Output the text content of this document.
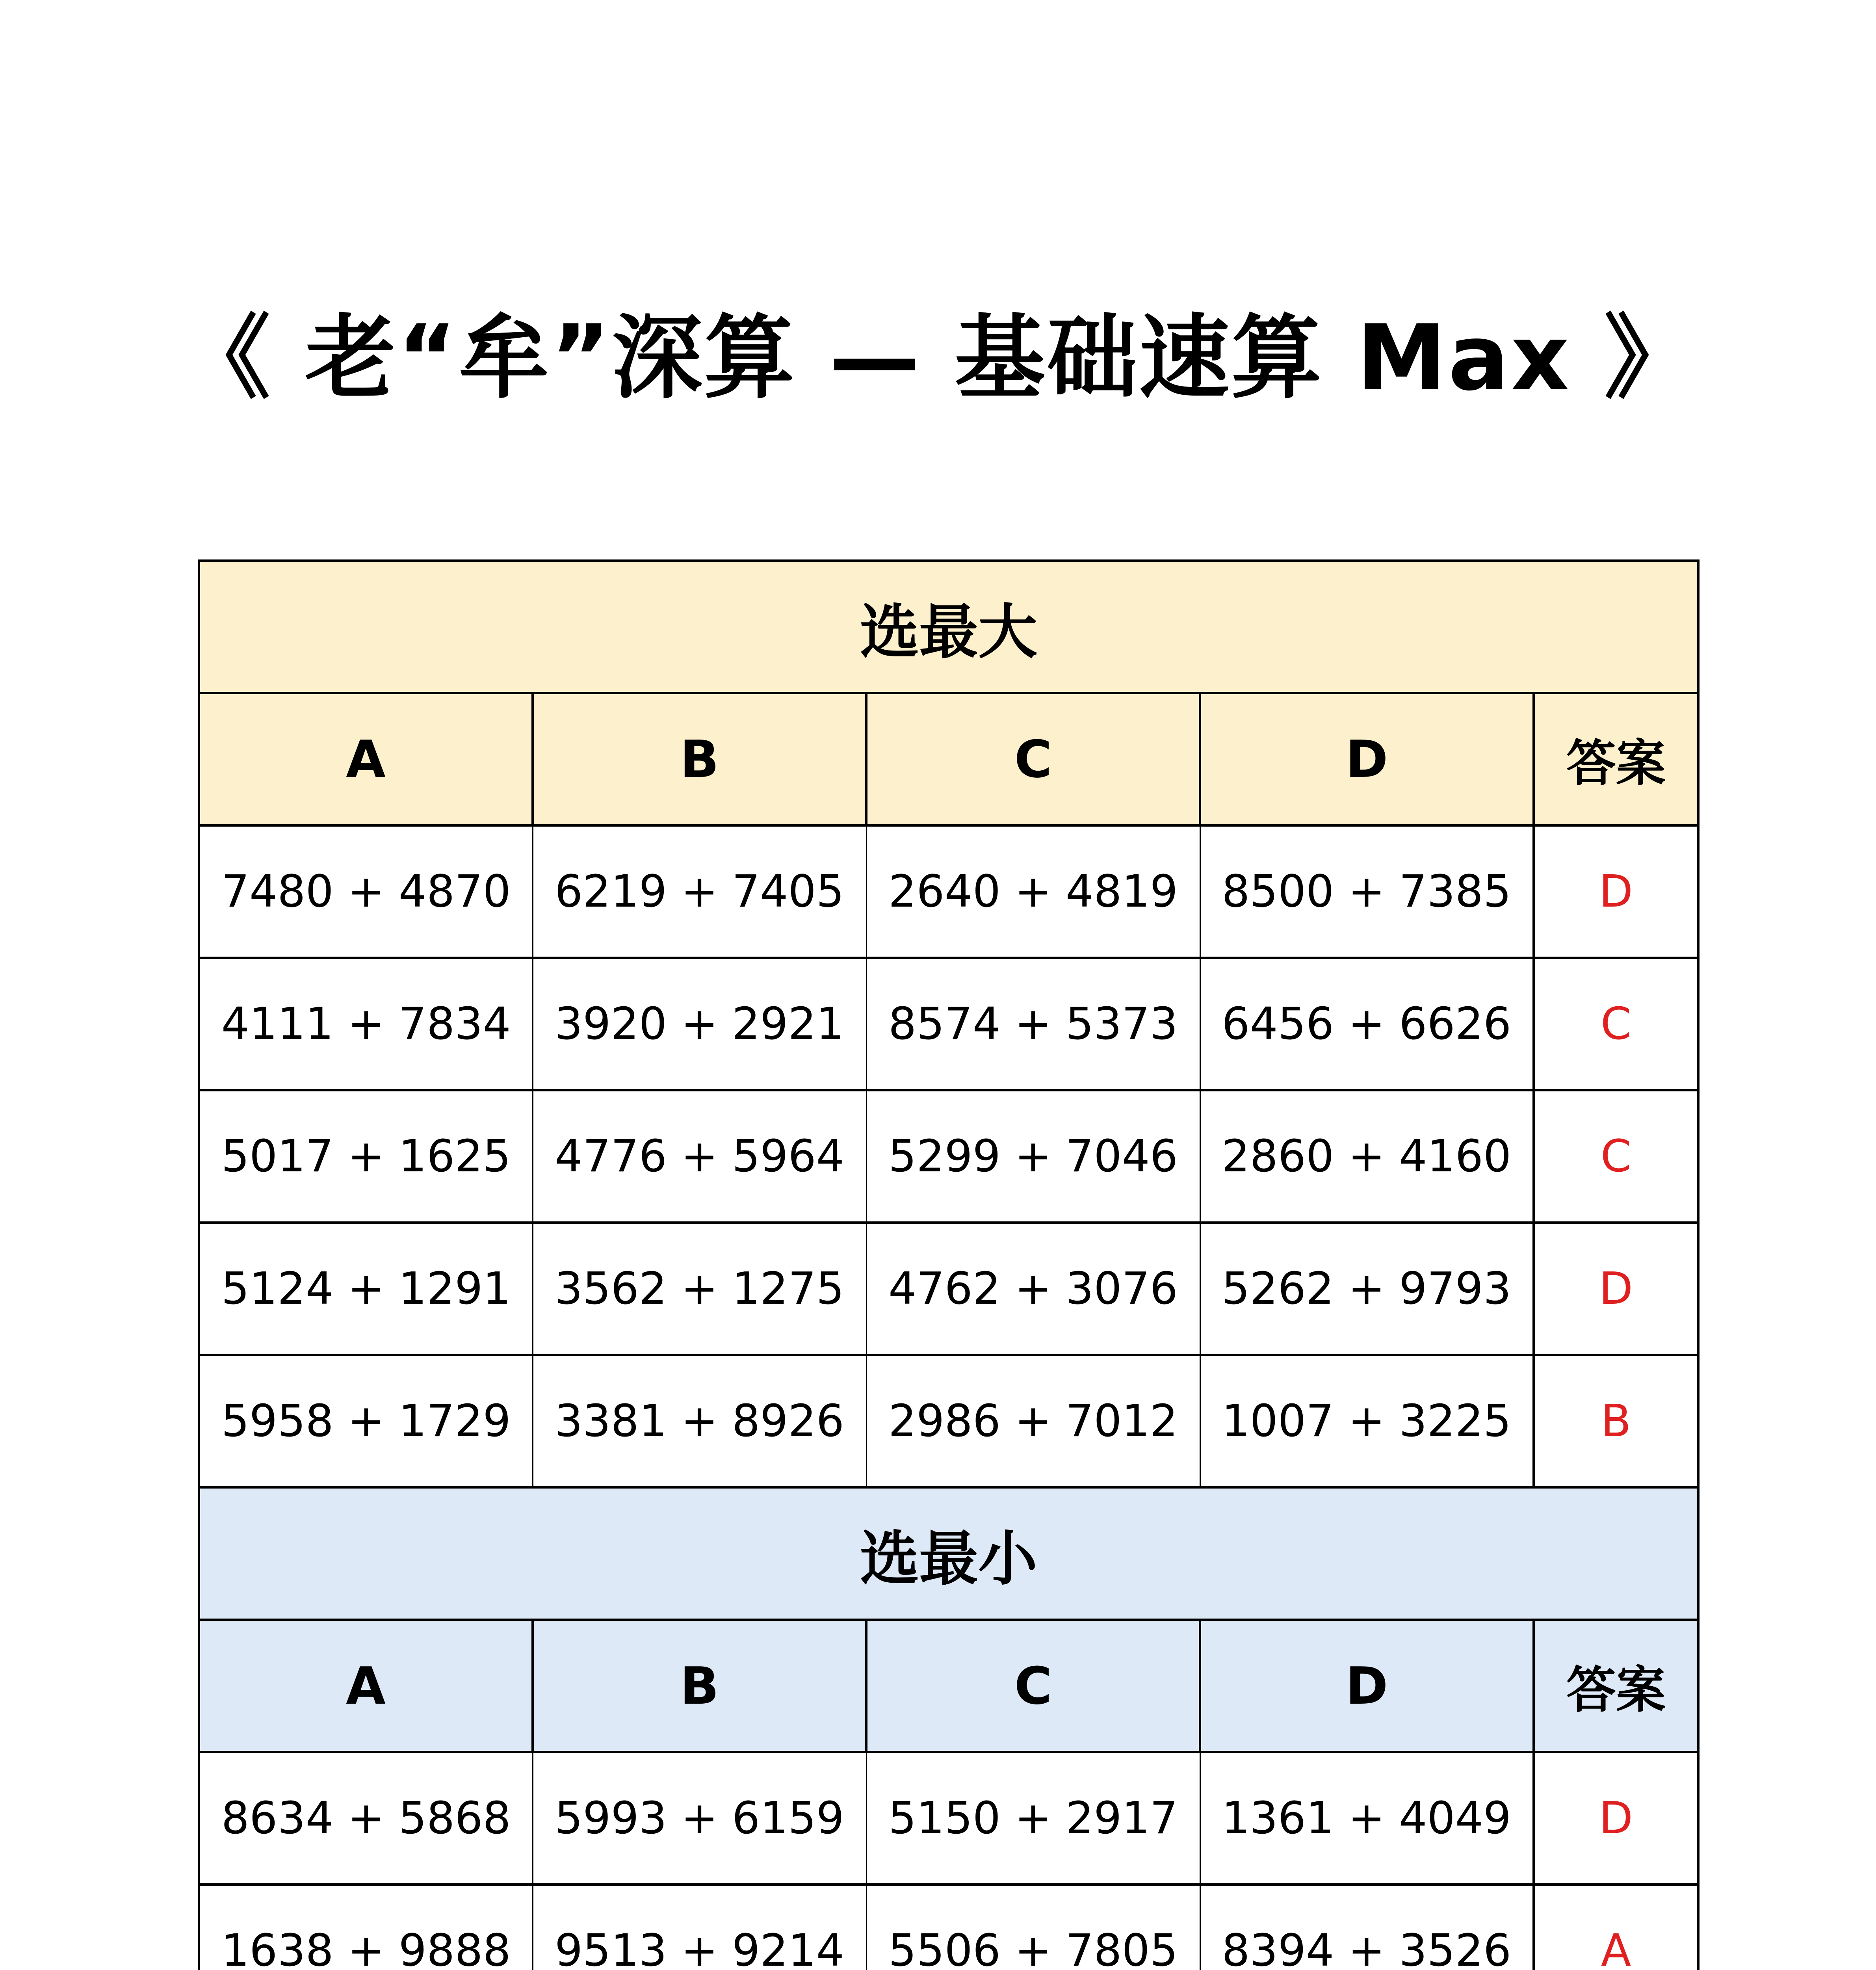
《 老“牟”深算 — 基础速算 Max 》
选最大				
A	B	C	D	答案
7480 + 4870	6219 + 7405	2640 + 4819	8500 + 7385	D
4111 + 7834	3920 + 2921	8574 + 5373	6456 + 6626	C
5017 + 1625	4776 + 5964	5299 + 7046	2860 + 4160	C
5124 + 1291	3562 + 1275	4762 + 3076	5262 + 9793	D
5958 + 1729	3381 + 8926	2986 + 7012	1007 + 3225	B
选最小				
A	B	C	D	答案
8634 + 5868	5993 + 6159	5150 + 2917	1361 + 4049	D
1638 + 9888	9513 + 9214	5506 + 7805	8394 + 3526	A
